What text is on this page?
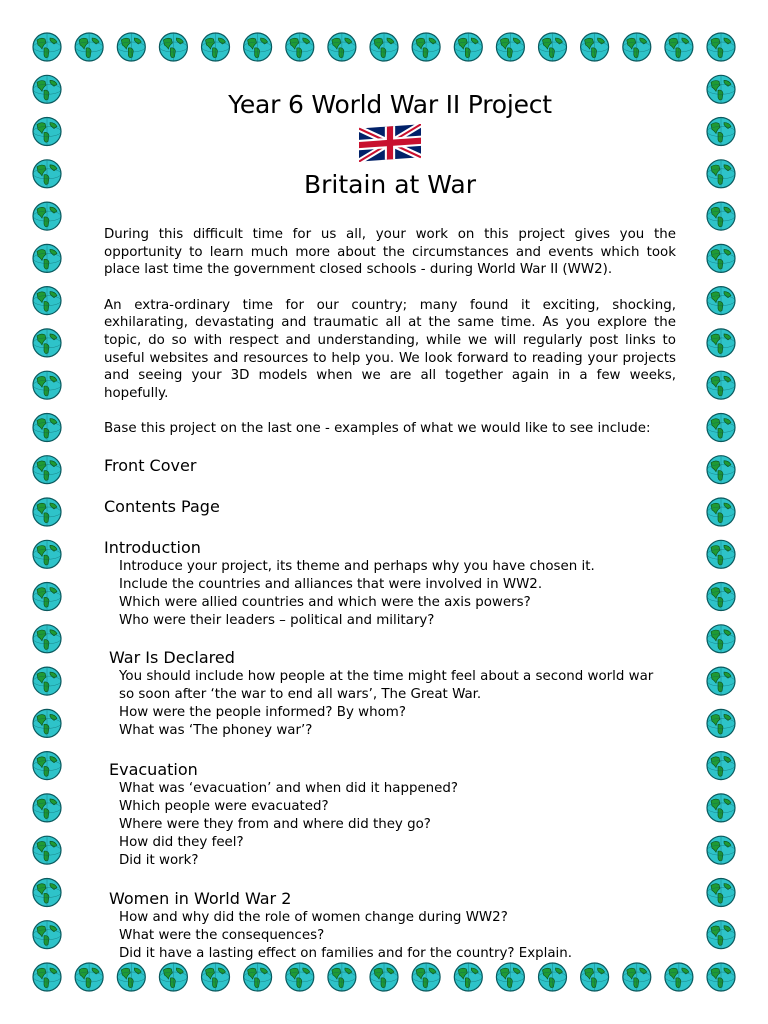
Year 6 World War II Project
Britain at War

During this difficult time for us all, your work on this project gives you the opportunity to learn much more about the circumstances and events which took place last time the government closed schools - during World War II (WW2).

An extra-ordinary time for our country; many found it exciting, shocking, exhilarating, devastating and traumatic all at the same time. As you explore the topic, do so with respect and understanding, while we will regularly post links to useful websites and resources to help you. We look forward to reading your projects and seeing your 3D models when we are all together again in a few weeks, hopefully.

Base this project on the last one - examples of what we would like to see include:

Front Cover
Contents Page
Introduction
Introduce your project, its theme and perhaps why you have chosen it.
Include the countries and alliances that were involved in WW2.
Which were allied countries and which were the axis powers?
Who were their leaders – political and military?
War Is Declared
You should include how people at the time might feel about a second world war
so soon after ‘the war to end all wars’, The Great War.
How were the people informed? By whom?
What was ‘The phoney war’?
Evacuation
What was ‘evacuation’ and when did it happened?
Which people were evacuated?
Where were they from and where did they go?
How did they feel?
Did it work?
Women in World War 2
How and why did the role of women change during WW2?
What were the consequences?
Did it have a lasting effect on families and for the country? Explain.
